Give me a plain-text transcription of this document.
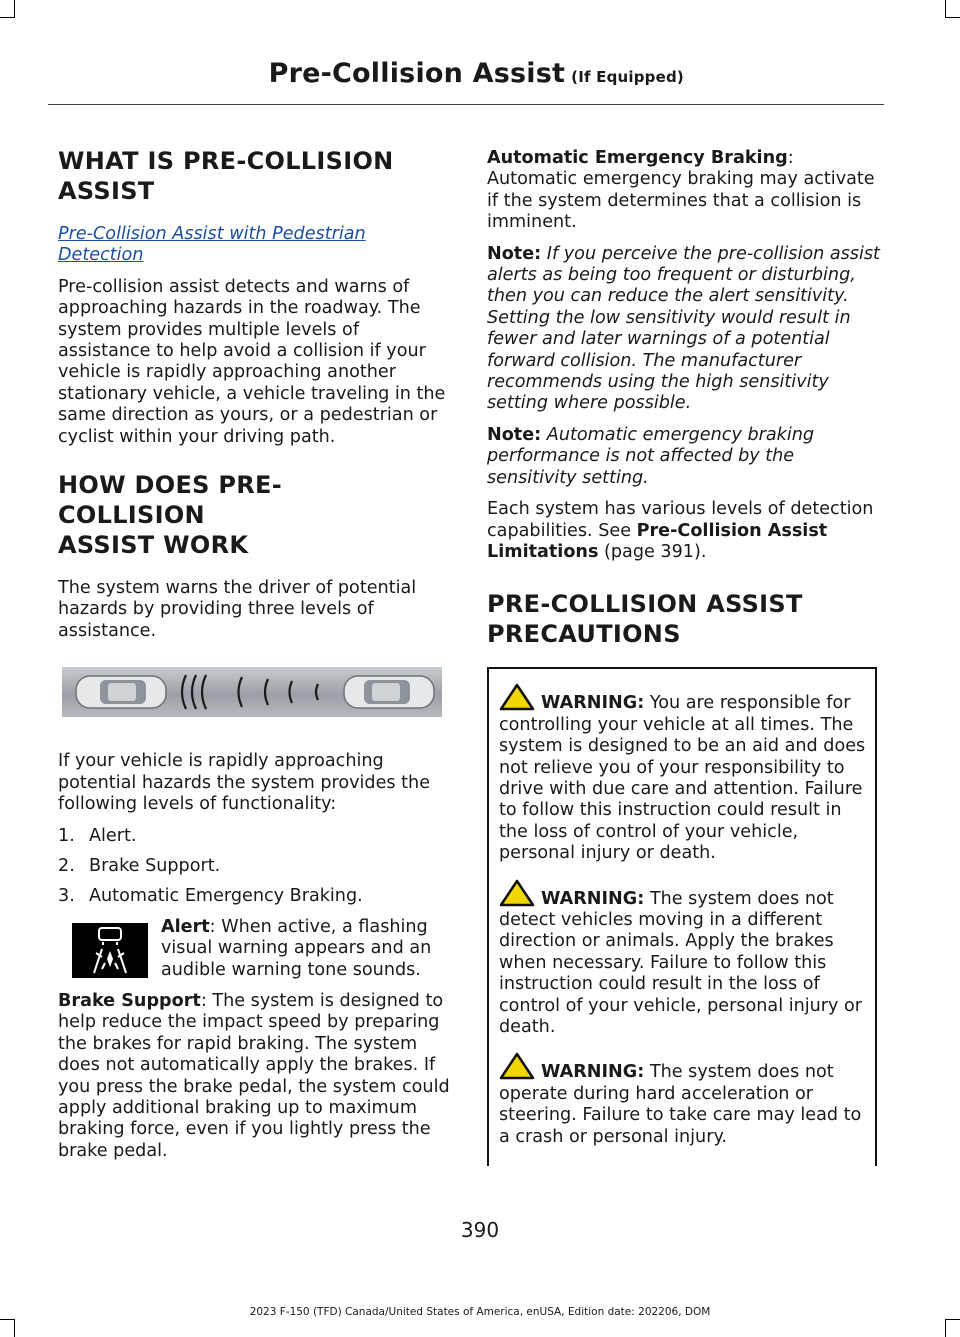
Pre-Collision Assist (If Equipped)
WHAT IS PRE-COLLISION
ASSIST
Pre-Collision Assist with Pedestrian Detection

Pre-collision assist detects and warns of approaching hazards in the roadway. The system provides multiple levels of assistance to help avoid a collision if your vehicle is rapidly approaching another stationary vehicle, a vehicle traveling in the same direction as yours, or a pedestrian or cyclist within your driving path.

HOW DOES PRE-COLLISION
ASSIST WORK

The system warns the driver of potential hazards by providing three levels of assistance.

If your vehicle is rapidly approaching potential hazards the system provides the following levels of functionality:

1. Alert.
2. Brake Support.
3. Automatic Emergency Braking.
Alert: When active, a flashing visual warning appears and an audible warning tone sounds.

Brake Support: The system is designed to help reduce the impact speed by preparing the brakes for rapid braking. The system does not automatically apply the brakes. If you press the brake pedal, the system could apply additional braking up to maximum braking force, even if you lightly press the brake pedal.

Automatic Emergency Braking: Automatic emergency braking may activate if the system determines that a collision is imminent.

Note: If you perceive the pre-collision assist alerts as being too frequent or disturbing, then you can reduce the alert sensitivity. Setting the low sensitivity would result in fewer and later warnings of a potential forward collision. The manufacturer recommends using the high sensitivity setting where possible.

Note: Automatic emergency braking performance is not affected by the sensitivity setting.

Each system has various levels of detection capabilities. See Pre-Collision Assist Limitations (page 391).

PRE-COLLISION ASSIST
PRECAUTIONS

WARNING: You are responsible for controlling your vehicle at all times. The system is designed to be an aid and does not relieve you of your responsibility to drive with due care and attention. Failure to follow this instruction could result in the loss of control of your vehicle, personal injury or death.

WARNING: The system does not detect vehicles moving in a different direction or animals. Apply the brakes when necessary. Failure to follow this instruction could result in the loss of control of your vehicle, personal injury or death.

WARNING: The system does not operate during hard acceleration or steering. Failure to take care may lead to a crash or personal injury.

390
2023 F-150 (TFD) Canada/United States of America, enUSA, Edition date: 202206, DOM
